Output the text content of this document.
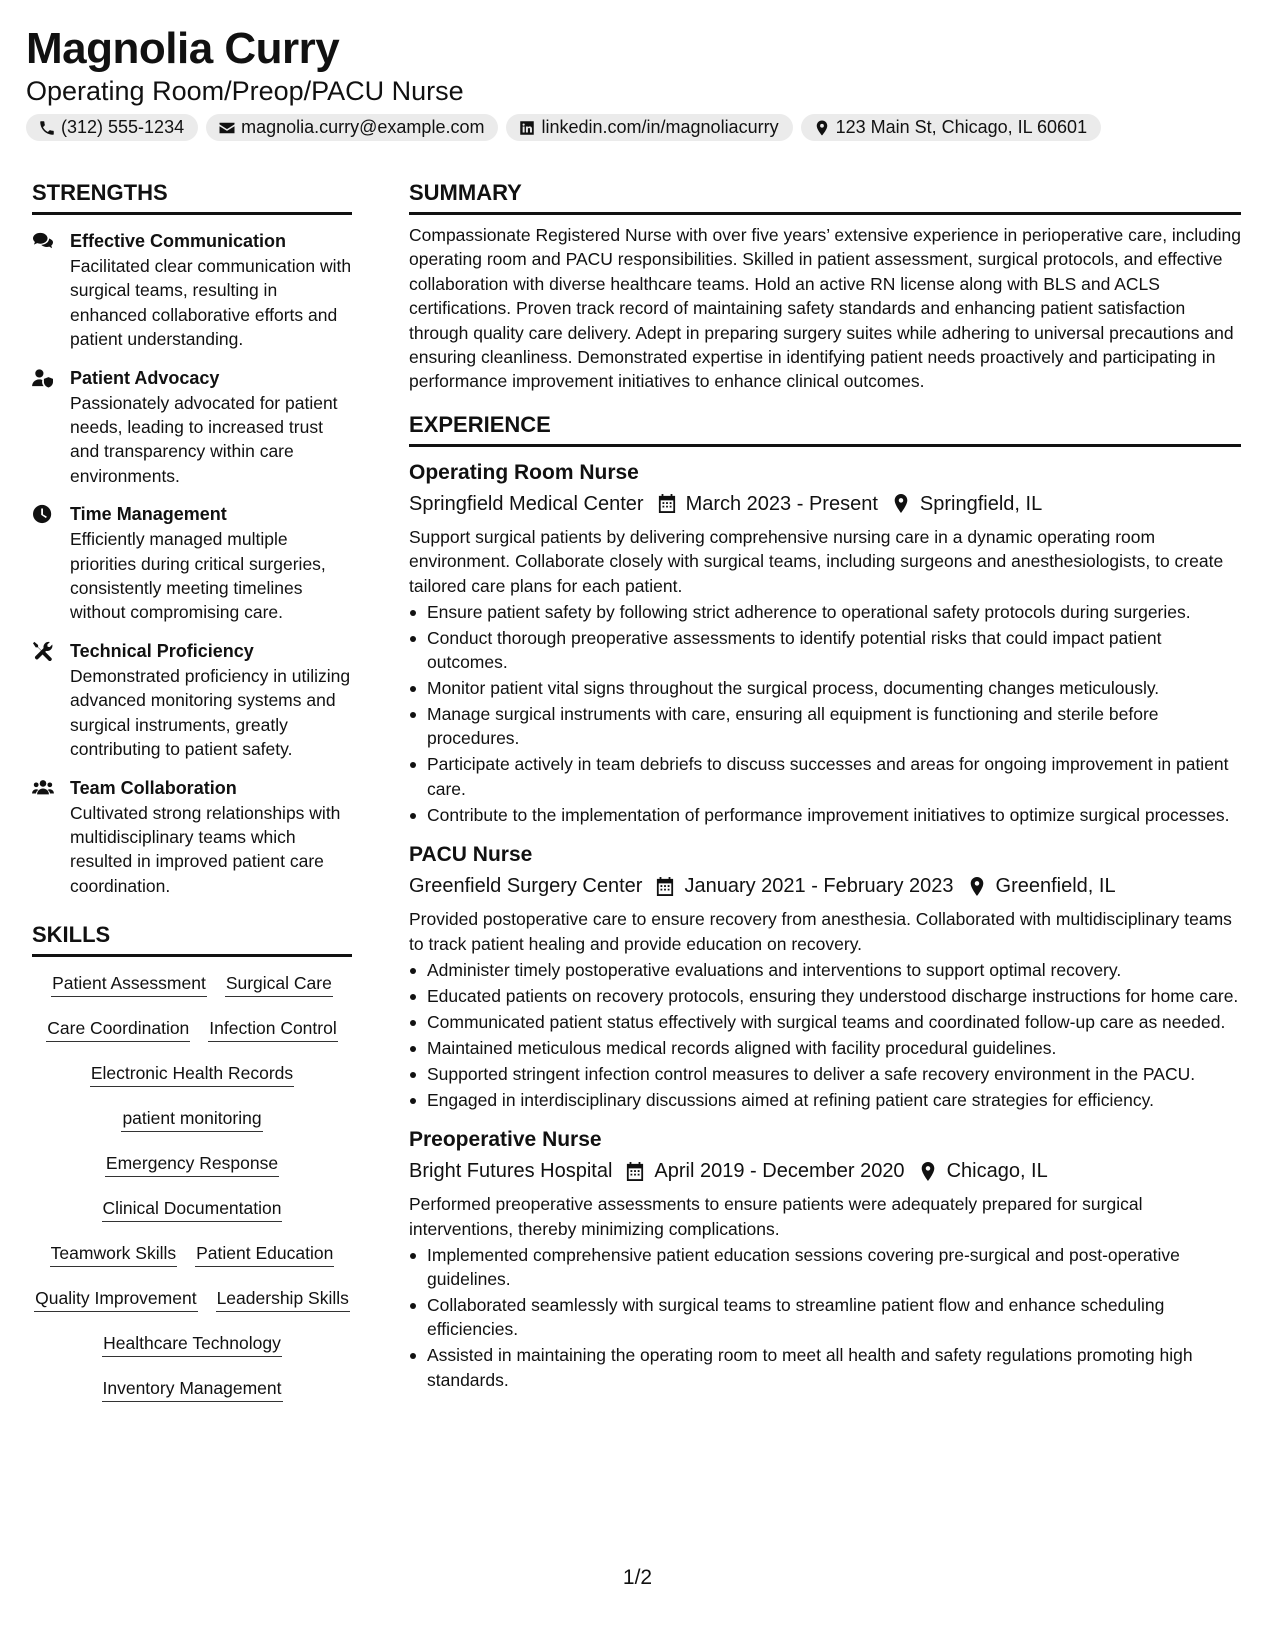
Magnolia Curry
Operating Room/Preop/PACU Nurse
(312) 555-1234	magnolia.curry@example.com	linkedin.com/in/magnoliacurry	123 Main St, Chicago, IL 60601
STRENGTHS
Effective Communication
Facilitated clear communication with surgical teams, resulting in enhanced collaborative efforts and patient understanding.
Patient Advocacy
Passionately advocated for patient needs, leading to increased trust and transparency within care environments.
Time Management
Efficiently managed multiple priorities during critical surgeries, consistently meeting timelines without compromising care.
Technical Proficiency
Demonstrated proficiency in utilizing advanced monitoring systems and surgical instruments, greatly contributing to patient safety.
Team Collaboration
Cultivated strong relationships with multidisciplinary teams which resulted in improved patient care coordination.
SKILLS
Patient Assessment Surgical Care
Care Coordination Infection Control
Electronic Health Records
patient monitoring
Emergency Response
Clinical Documentation
Teamwork Skills Patient Education
Quality Improvement Leadership Skills
Healthcare Technology
Inventory Management
SUMMARY
Compassionate Registered Nurse with over five years’ extensive experience in perioperative care, including operating room and PACU responsibilities. Skilled in patient assessment, surgical protocols, and effective collaboration with diverse healthcare teams. Hold an active RN license along with BLS and ACLS certifications. Proven track record of maintaining safety standards and enhancing patient satisfaction through quality care delivery. Adept in preparing surgery suites while adhering to universal precautions and ensuring cleanliness. Demonstrated expertise in identifying patient needs proactively and participating in performance improvement initiatives to enhance clinical outcomes.
EXPERIENCE
Operating Room Nurse
Springfield Medical Center March 2023 - Present Springfield, IL
Support surgical patients by delivering comprehensive nursing care in a dynamic operating room environment. Collaborate closely with surgical teams, including surgeons and anesthesiologists, to create tailored care plans for each patient.
Ensure patient safety by following strict adherence to operational safety protocols during surgeries.
Conduct thorough preoperative assessments to identify potential risks that could impact patient outcomes.
Monitor patient vital signs throughout the surgical process, documenting changes meticulously.
Manage surgical instruments with care, ensuring all equipment is functioning and sterile before procedures.
Participate actively in team debriefs to discuss successes and areas for ongoing improvement in patient care.
Contribute to the implementation of performance improvement initiatives to optimize surgical processes.
PACU Nurse
Greenfield Surgery Center January 2021 - February 2023 Greenfield, IL
Provided postoperative care to ensure recovery from anesthesia. Collaborated with multidisciplinary teams to track patient healing and provide education on recovery.
Administer timely postoperative evaluations and interventions to support optimal recovery.
Educated patients on recovery protocols, ensuring they understood discharge instructions for home care.
Communicated patient status effectively with surgical teams and coordinated follow-up care as needed.
Maintained meticulous medical records aligned with facility procedural guidelines.
Supported stringent infection control measures to deliver a safe recovery environment in the PACU.
Engaged in interdisciplinary discussions aimed at refining patient care strategies for efficiency.
Preoperative Nurse
Bright Futures Hospital April 2019 - December 2020 Chicago, IL
Performed preoperative assessments to ensure patients were adequately prepared for surgical interventions, thereby minimizing complications.
Implemented comprehensive patient education sessions covering pre-surgical and post-operative guidelines.
Collaborated seamlessly with surgical teams to streamline patient flow and enhance scheduling efficiencies.
Assisted in maintaining the operating room to meet all health and safety regulations promoting high standards.
1/2
